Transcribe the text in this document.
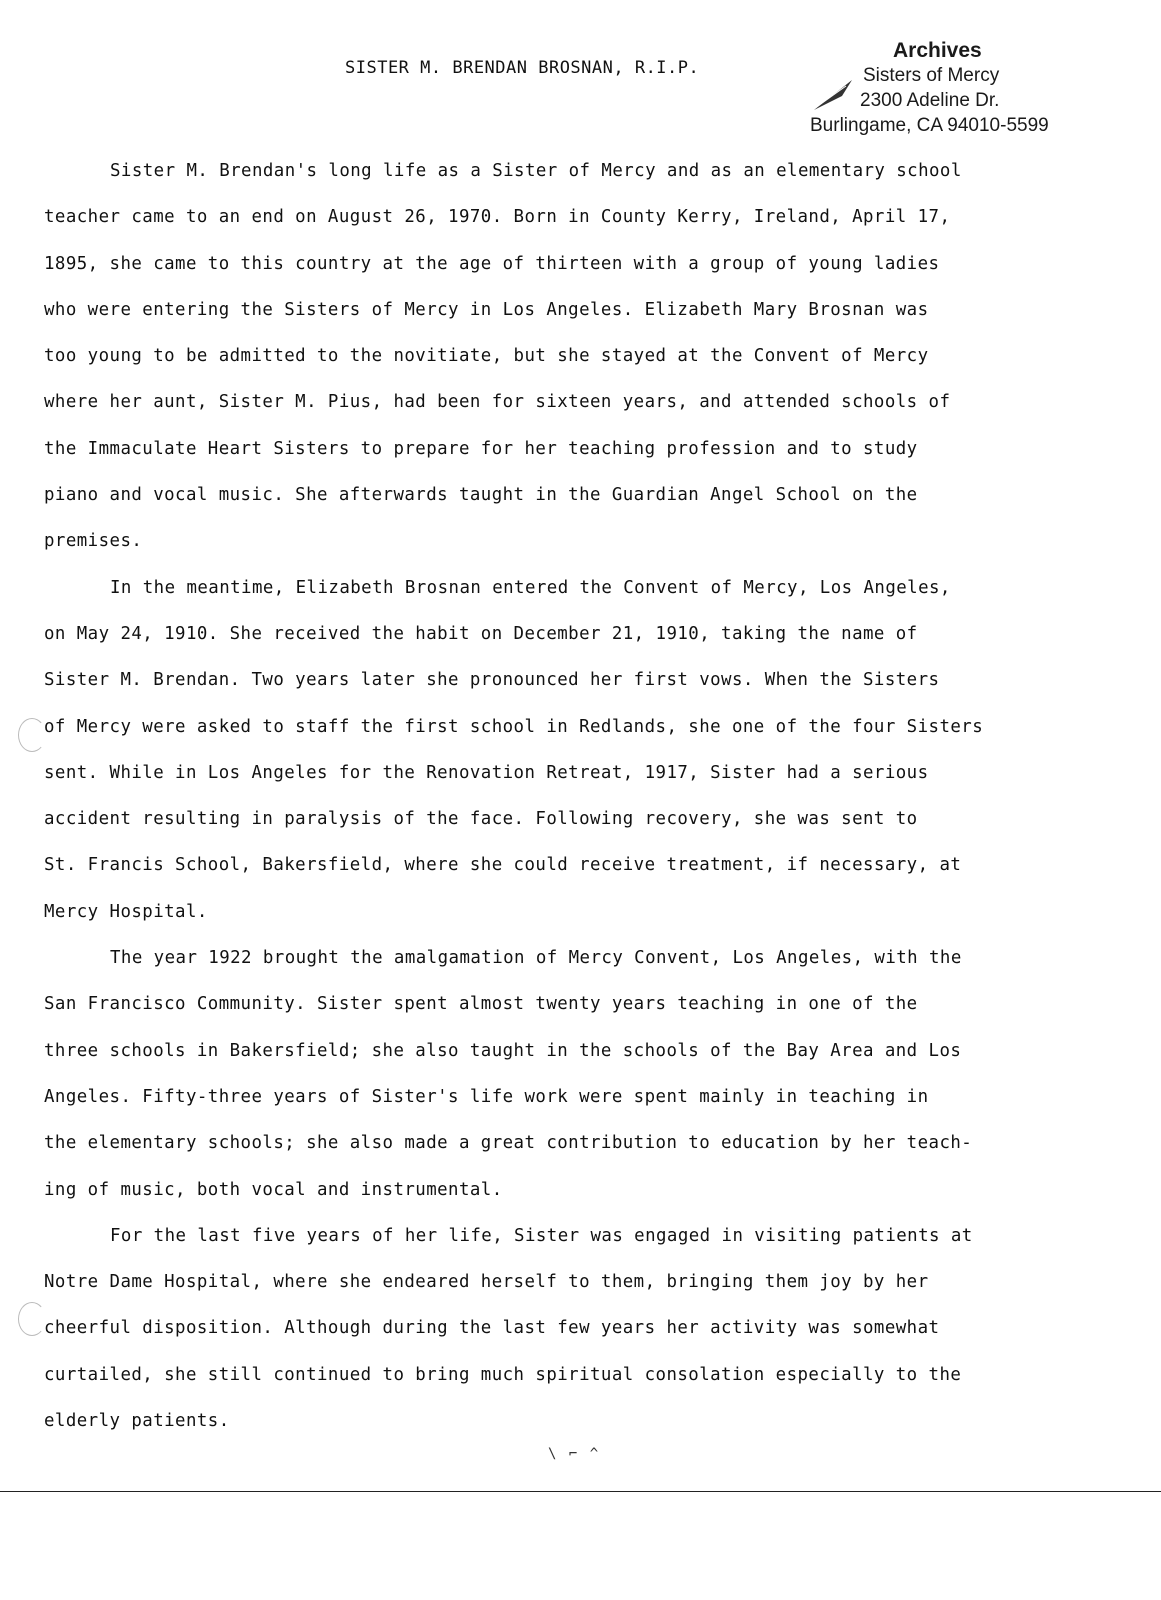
SISTER M. BRENDAN BROSNAN, R.I.P.
Archives
Sisters of Mercy
2300 Adeline Dr.
Burlingame, CA 94010-5599
Sister M. Brendan's long life as a Sister of Mercy and as an elementary school
teacher came to an end on August 26, 1970. Born in County Kerry, Ireland, April 17,
1895, she came to this country at the age of thirteen with a group of young ladies
who were entering the Sisters of Mercy in Los Angeles. Elizabeth Mary Brosnan was
too young to be admitted to the novitiate, but she stayed at the Convent of Mercy
where her aunt, Sister M. Pius, had been for sixteen years, and attended schools of
the Immaculate Heart Sisters to prepare for her teaching profession and to study
piano and vocal music. She afterwards taught in the Guardian Angel School on the
premises.
In the meantime, Elizabeth Brosnan entered the Convent of Mercy, Los Angeles,
on May 24, 1910. She received the habit on December 21, 1910, taking the name of
Sister M. Brendan. Two years later she pronounced her first vows. When the Sisters
of Mercy were asked to staff the first school in Redlands, she one of the four Sisters
sent. While in Los Angeles for the Renovation Retreat, 1917, Sister had a serious
accident resulting in paralysis of the face. Following recovery, she was sent to
St. Francis School, Bakersfield, where she could receive treatment, if necessary, at
Mercy Hospital.
The year 1922 brought the amalgamation of Mercy Convent, Los Angeles, with the
San Francisco Community. Sister spent almost twenty years teaching in one of the
three schools in Bakersfield; she also taught in the schools of the Bay Area and Los
Angeles. Fifty-three years of Sister's life work were spent mainly in teaching in
the elementary schools; she also made a great contribution to education by her teach-
ing of music, both vocal and instrumental.
For the last five years of her life, Sister was engaged in visiting patients at
Notre Dame Hospital, where she endeared herself to them, bringing them joy by her
cheerful disposition. Although during the last few years her activity was somewhat
curtailed, she still continued to bring much spiritual consolation especially to the
elderly patients.
\ ⌐ ^
